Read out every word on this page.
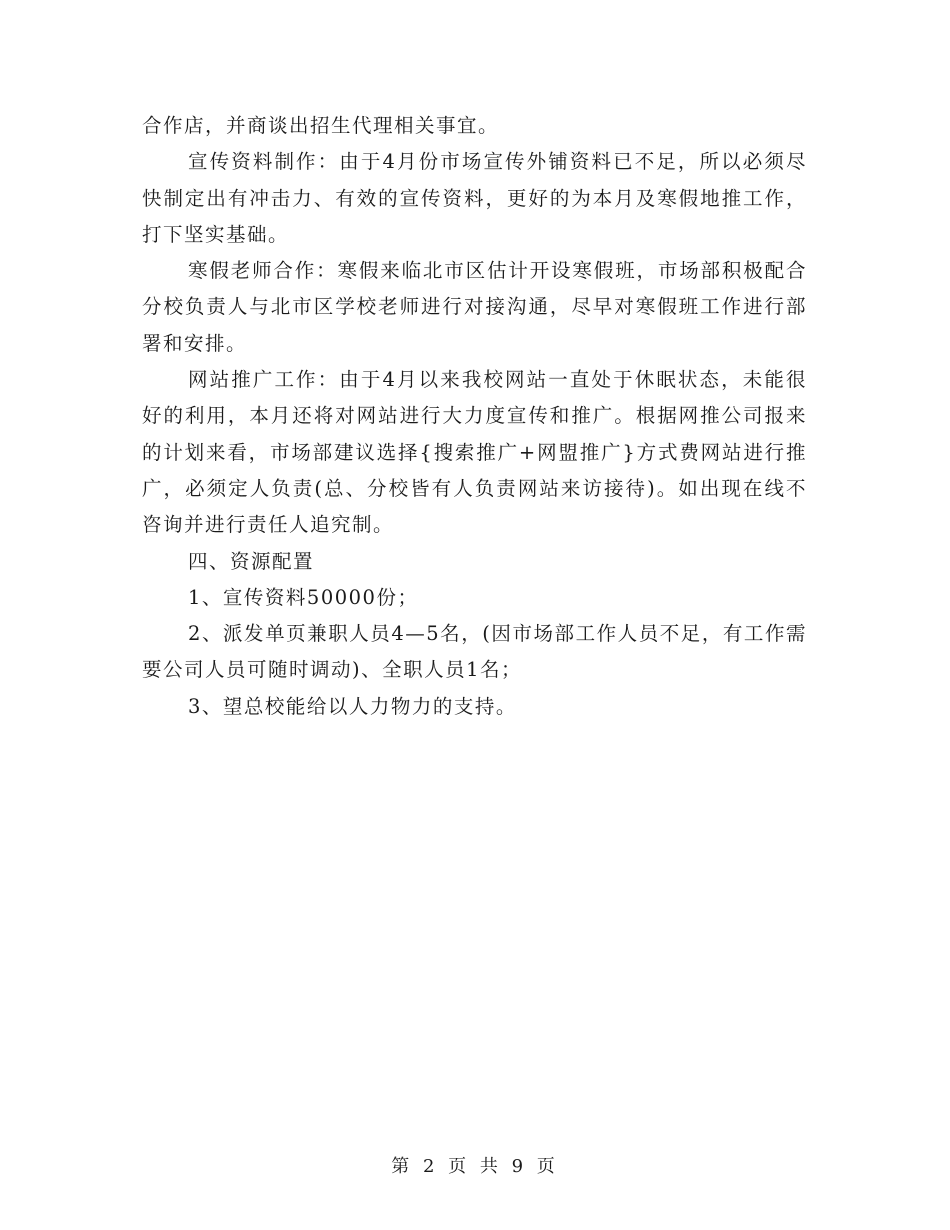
合作店，并商谈出招生代理相关事宜。

宣传资料制作：由于4月份市场宣传外铺资料已不足，所以必须尽快制定出有冲击力、有效的宣传资料，更好的为本月及寒假地推工作，打下坚实基础。

寒假老师合作：寒假来临北市区估计开设寒假班，市场部积极配合分校负责人与北市区学校老师进行对接沟通，尽早对寒假班工作进行部署和安排。

网站推广工作：由于4月以来我校网站一直处于休眠状态，未能很好的利用，本月还将对网站进行大力度宣传和推广。根据网推公司报来的计划来看，市场部建议选择{搜索推广+网盟推广}方式费网站进行推广，必须定人负责(总、分校皆有人负责网站来访接待)。如出现在线不咨询并进行责任人追究制。

四、资源配置

1、宣传资料50000份；

2、派发单页兼职人员4—5名，(因市场部工作人员不足，有工作需要公司人员可随时调动)、全职人员1名；

3、望总校能给以人力物力的支持。

第 2 页 共 9 页
